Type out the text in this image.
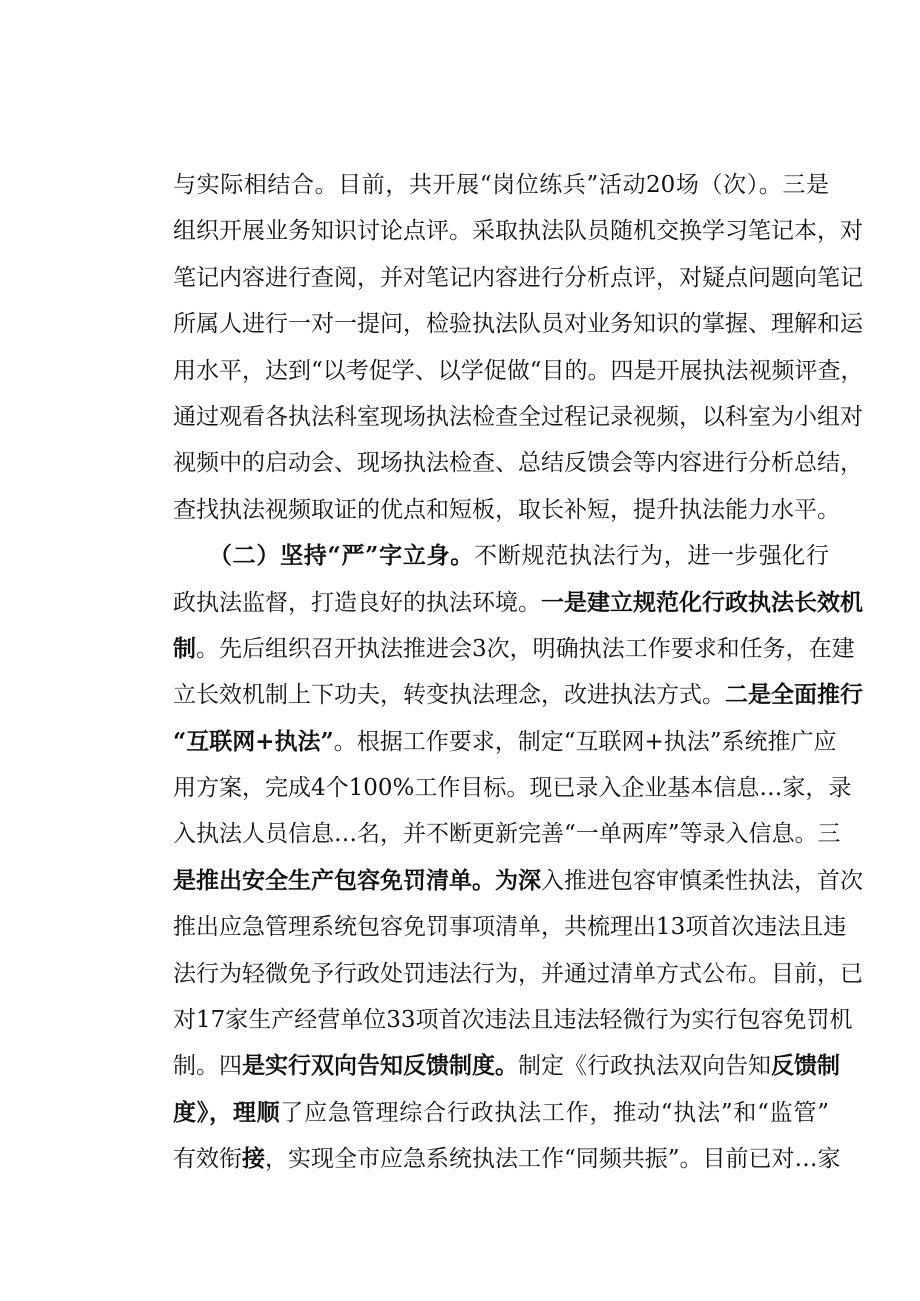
与实际相结合。目前，共开展“岗位练兵”活动20场（次）。三是
组织开展业务知识讨论点评。采取执法队员随机交换学习笔记本，对
笔记内容进行查阅，并对笔记内容进行分析点评，对疑点问题向笔记
所属人进行一对一提问，检验执法队员对业务知识的掌握、理解和运
用水平，达到“以考促学、以学促做“目的。四是开展执法视频评查，
通过观看各执法科室现场执法检查全过程记录视频，以科室为小组对
视频中的启动会、现场执法检查、总结反馈会等内容进行分析总结，
查找执法视频取证的优点和短板，取长补短，提升执法能力水平。
　　（二）坚持“严”字立身。不断规范执法行为，进一步强化行
政执法监督，打造良好的执法环境。一是建立规范化行政执法长效机
制。先后组织召开执法推进会3次，明确执法工作要求和任务，在建
立长效机制上下功夫，转变执法理念，改进执法方式。二是全面推行
“互联网+执法”。根据工作要求，制定“互联网+执法”系统推广应
用方案，完成4个100%工作目标。现已录入企业基本信息…家，录
入执法人员信息…名，并不断更新完善“一单两库”等录入信息。三
是推出安全生产包容免罚清单。为深入推进包容审慎柔性执法，首次
推出应急管理系统包容免罚事项清单，共梳理出13项首次违法且违
法行为轻微免予行政处罚违法行为，并通过清单方式公布。目前，已
对17家生产经营单位33项首次违法且违法轻微行为实行包容免罚机
制。四是实行双向告知反馈制度。制定《行政执法双向告知反馈制
度》，理顺了应急管理综合行政执法工作，推动“执法”和“监管”
有效衔接，实现全市应急系统执法工作“同频共振”。目前已对…家
